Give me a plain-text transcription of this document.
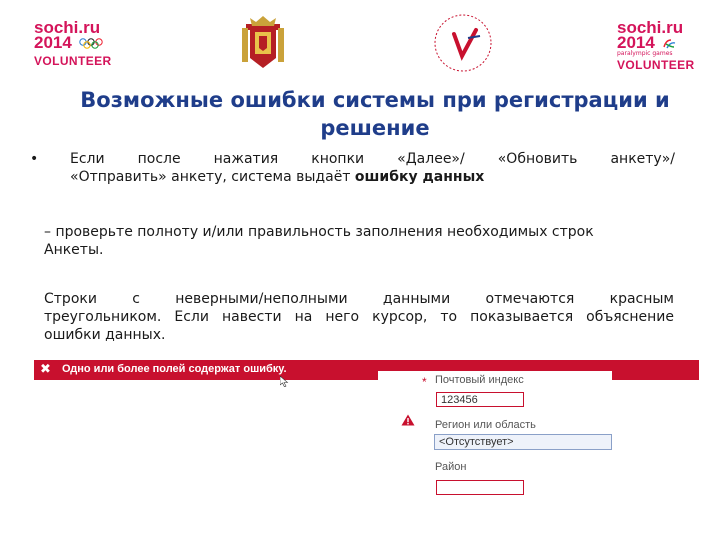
sochi.ru
2014
VOLUNTEER
sochi.ru
2014
paralympic games
VOLUNTEER
Возможные ошибки системы при регистрации и
решение
• Если после нажатия кнопки «Далее»/ «Обновить анкету»/
«Отправить» анкету, система выдаёт ошибку данных
– проверьте полноту и/или правильность заполнения необходимых строк
Анкеты.
Строки с неверными/неполными данными отмечаются красным
треугольником. Если навести на него курсор, то показывается объяснение
ошибки данных.
✖ Одно или более полей содержат ошибку.
* Почтовый индекс
123456
Регион или область
<Отсутствует>
Район
